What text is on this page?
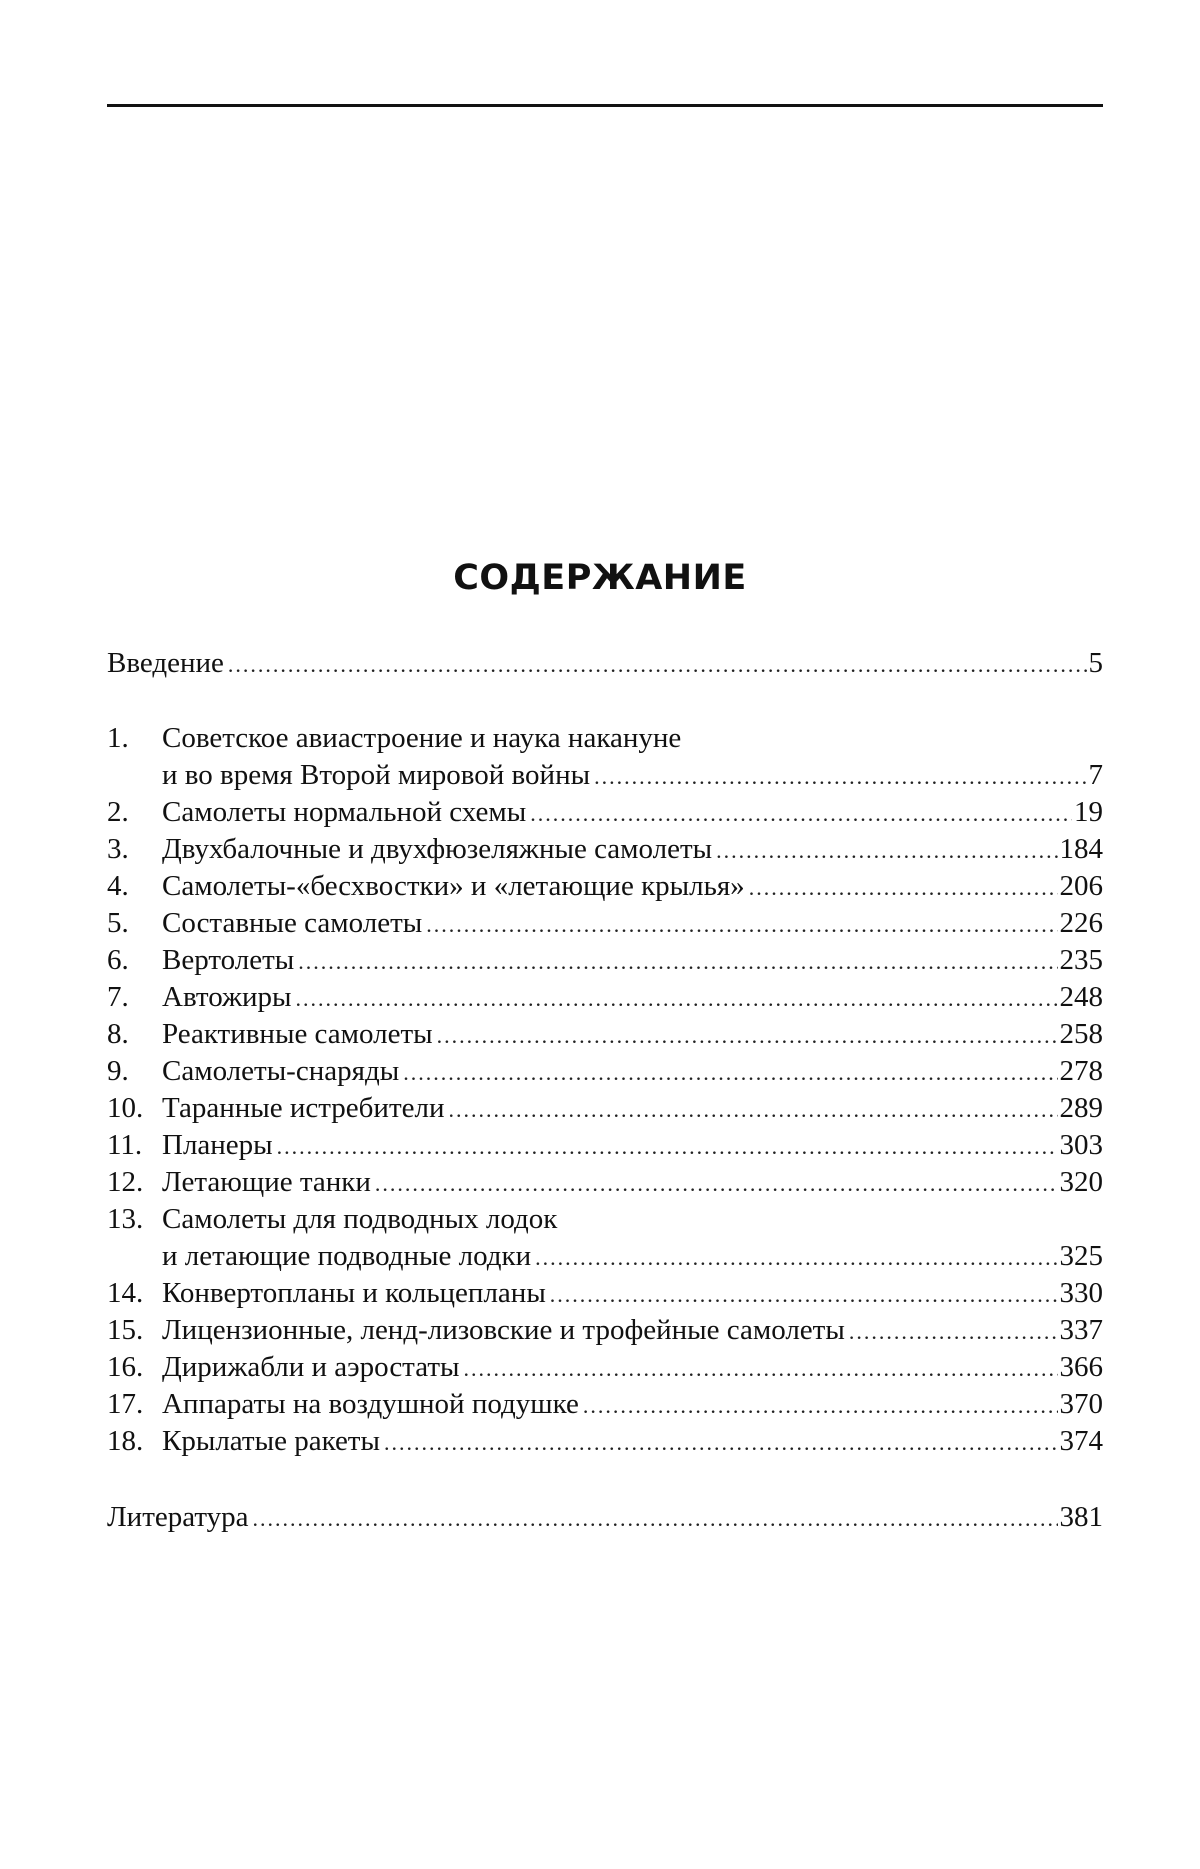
СОДЕРЖАНИЕ
Введение .....	5
1. Советское авиастроение и наука накануне
и во время Второй мировой войны .....	7
2. Самолеты нормальной схемы .....	19
3. Двухбалочные и двухфюзеляжные самолеты .....	184
4. Самолеты-«бесхвостки» и «летающие крылья» .....	206
5. Составные самолеты .....	226
6. Вертолеты .....	235
7. Автожиры .....	248
8. Реактивные самолеты .....	258
9. Самолеты-снаряды .....	278
10. Таранные истребители .....	289
11. Планеры .....	303
12. Летающие танки .....	320
13. Самолеты для подводных лодок
и летающие подводные лодки .....	325
14. Конвертопланы и кольцепланы .....	330
15. Лицензионные, ленд-лизовские и трофейные самолеты .....	337
16. Дирижабли и аэростаты .....	366
17. Аппараты на воздушной подушке .....	370
18. Крылатые ракеты .....	374
Литература .....	381
